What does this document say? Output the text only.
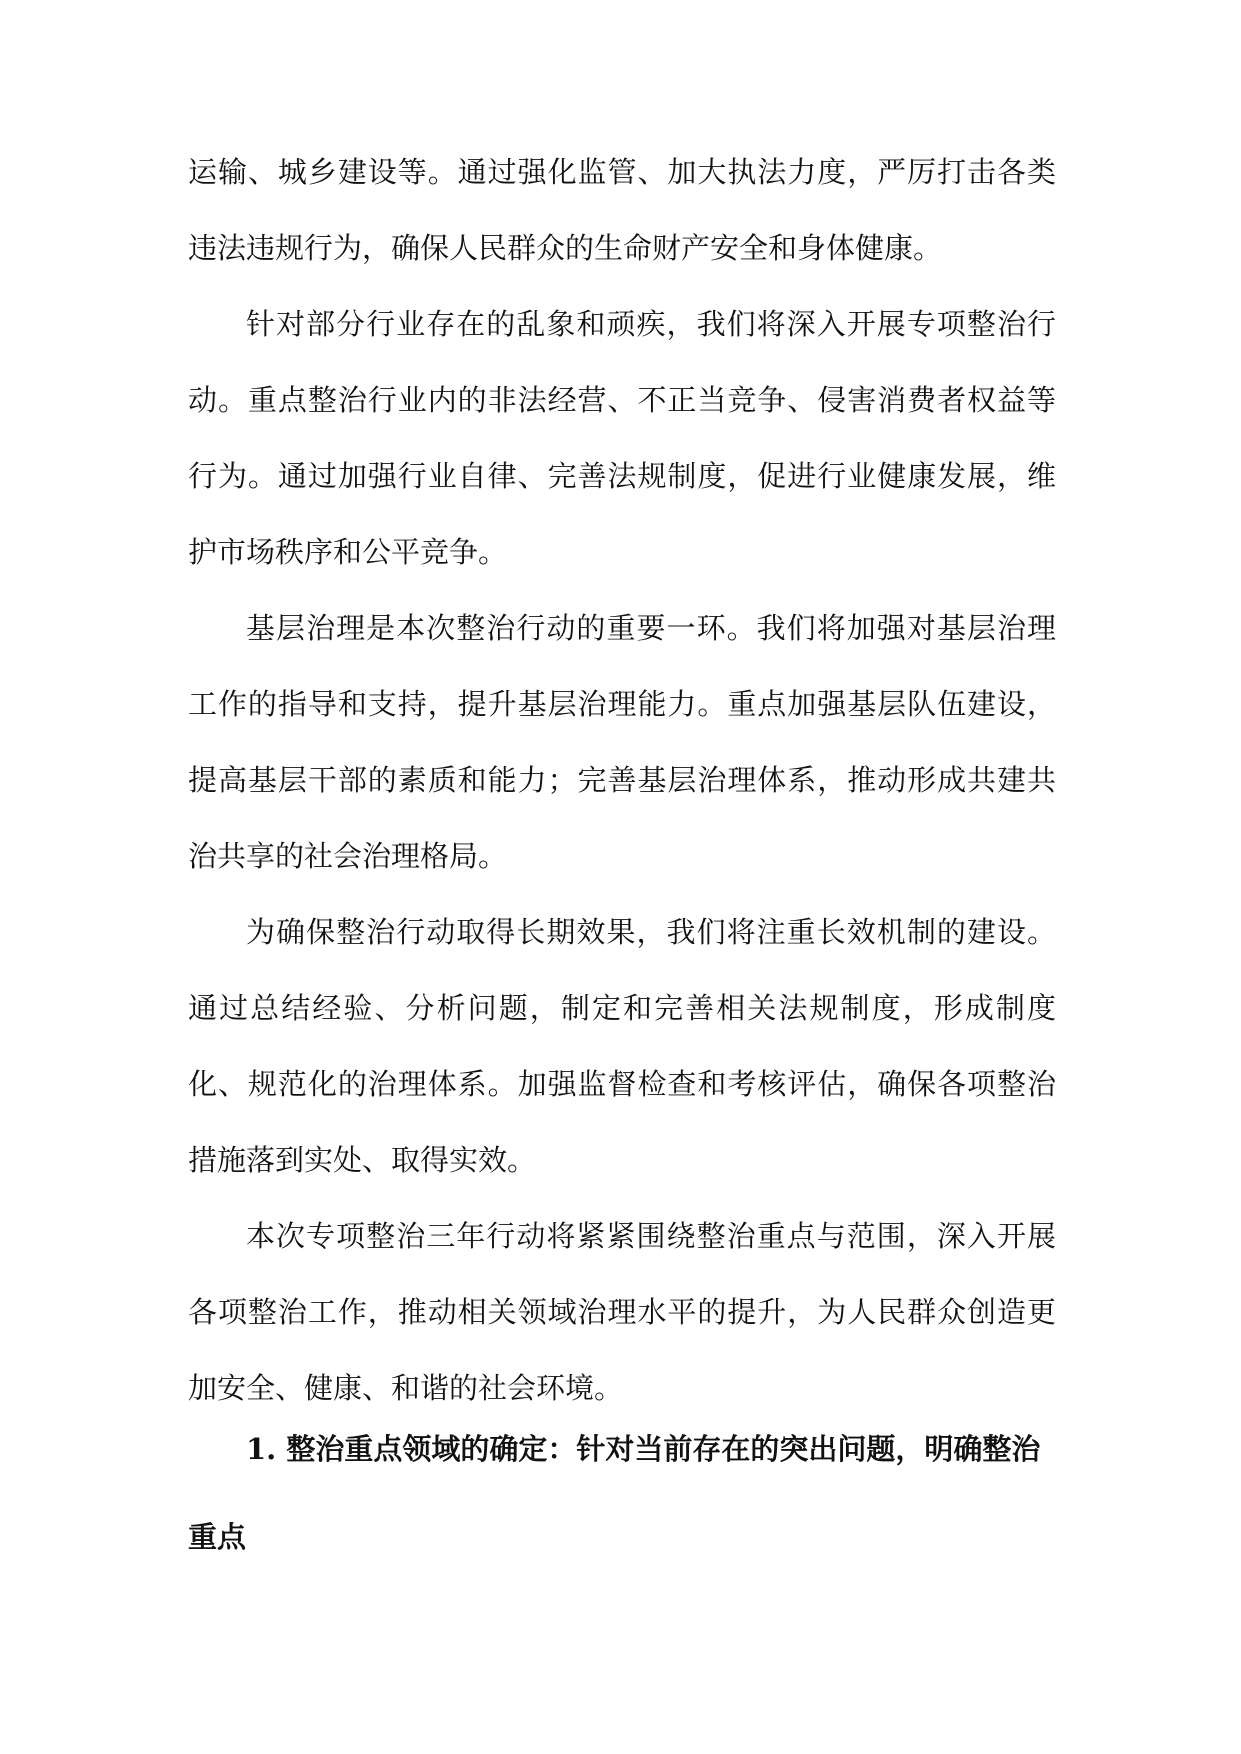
运输、城乡建设等。通过强化监管、加大执法力度，严厉打击各类违法违规行为，确保人民群众的生命财产安全和身体健康。

针对部分行业存在的乱象和顽疾，我们将深入开展专项整治行动。重点整治行业内的非法经营、不正当竞争、侵害消费者权益等行为。通过加强行业自律、完善法规制度，促进行业健康发展，维护市场秩序和公平竞争。

基层治理是本次整治行动的重要一环。我们将加强对基层治理工作的指导和支持，提升基层治理能力。重点加强基层队伍建设，提高基层干部的素质和能力；完善基层治理体系，推动形成共建共治共享的社会治理格局。

为确保整治行动取得长期效果，我们将注重长效机制的建设。通过总结经验、分析问题，制定和完善相关法规制度，形成制度化、规范化的治理体系。加强监督检查和考核评估，确保各项整治措施落到实处、取得实效。

本次专项整治三年行动将紧紧围绕整治重点与范围，深入开展各项整治工作，推动相关领域治理水平的提升，为人民群众创造更加安全、健康、和谐的社会环境。

1. 整治重点领域的确定：针对当前存在的突出问题，明确整治重点
